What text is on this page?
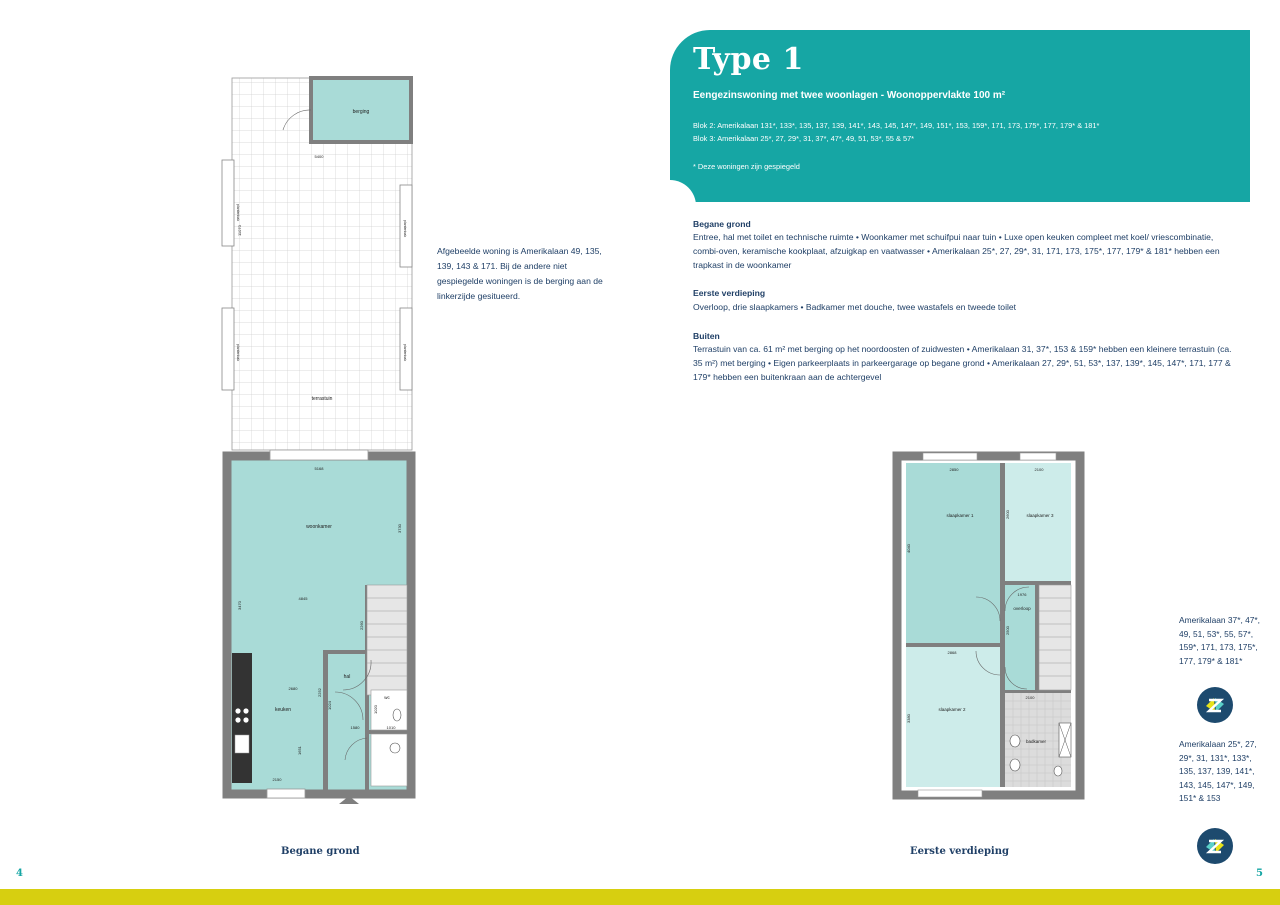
Type 1
Eengezinswoning met twee woonlagen - Woonoppervlakte 100 m²
Blok 2: Amerikalaan 131*, 133*, 135, 137, 139, 141*, 143, 145, 147*, 149, 151*, 153, 159*, 171, 173, 175*, 177, 179* & 181*
Blok 3: Amerikalaan 25*, 27, 29*, 31, 37*, 47*, 49, 51, 53*, 55 & 57*
* Deze woningen zijn gespiegeld
Begane grond
Entree, hal met toilet en technische ruimte • Woonkamer met schuifpui naar tuin • Luxe open keuken compleet met koel/ vriescombinatie, combi-oven, keramische kookplaat, afzuigkap en vaatwasser • Amerikalaan 25*, 27, 29*, 31, 171, 173, 175*, 177, 179* & 181* hebben een trapkast in de woonkamer
Eerste verdieping
Overloop, drie slaapkamers • Badkamer met douche, twee wastafels en tweede toilet
Buiten
Terrastuin van ca. 61 m² met berging op het noordoosten of zuidwesten • Amerikalaan 31, 37*, 153 & 159* hebben een kleinere terrastuin (ca. 35 m²) met berging • Eigen parkeerplaats in parkeergarage op begane grond • Amerikalaan 27, 29*, 51, 53*, 137, 139*, 145, 147*, 171, 177 & 179* hebben een buitenkraan aan de achtergevel
Afgebeelde woning is Amerikalaan 49, 135, 139, 143 & 171. Bij de andere niet gespiegelde woningen is de berging aan de linkerzijde gesitueerd.
Amerikalaan 37*, 47*, 49, 51, 53*, 55, 57*, 159*, 171, 173, 175*, 177, 179* & 181*
Amerikalaan 25*, 27, 29*, 31, 131*, 133*, 135, 137, 139, 141*, 143, 145, 147*, 149, 151* & 153
berging
terrastuin
woonkamer
keuken
hal
wc
5400
11070
5168
4845
3730
3470
2680
2260
2150
1580
1651
2252
1024	1020
1010
plantenbak
plantenbak
plantenbak	plantenbak
slaapkamer 1
slaapkamer 2
slaapkamer 3
overloop
badkamer
2850	2100
1976
2868
2100
4040
2600
3380
2500
Begane grond	Eerste verdieping
4	5
